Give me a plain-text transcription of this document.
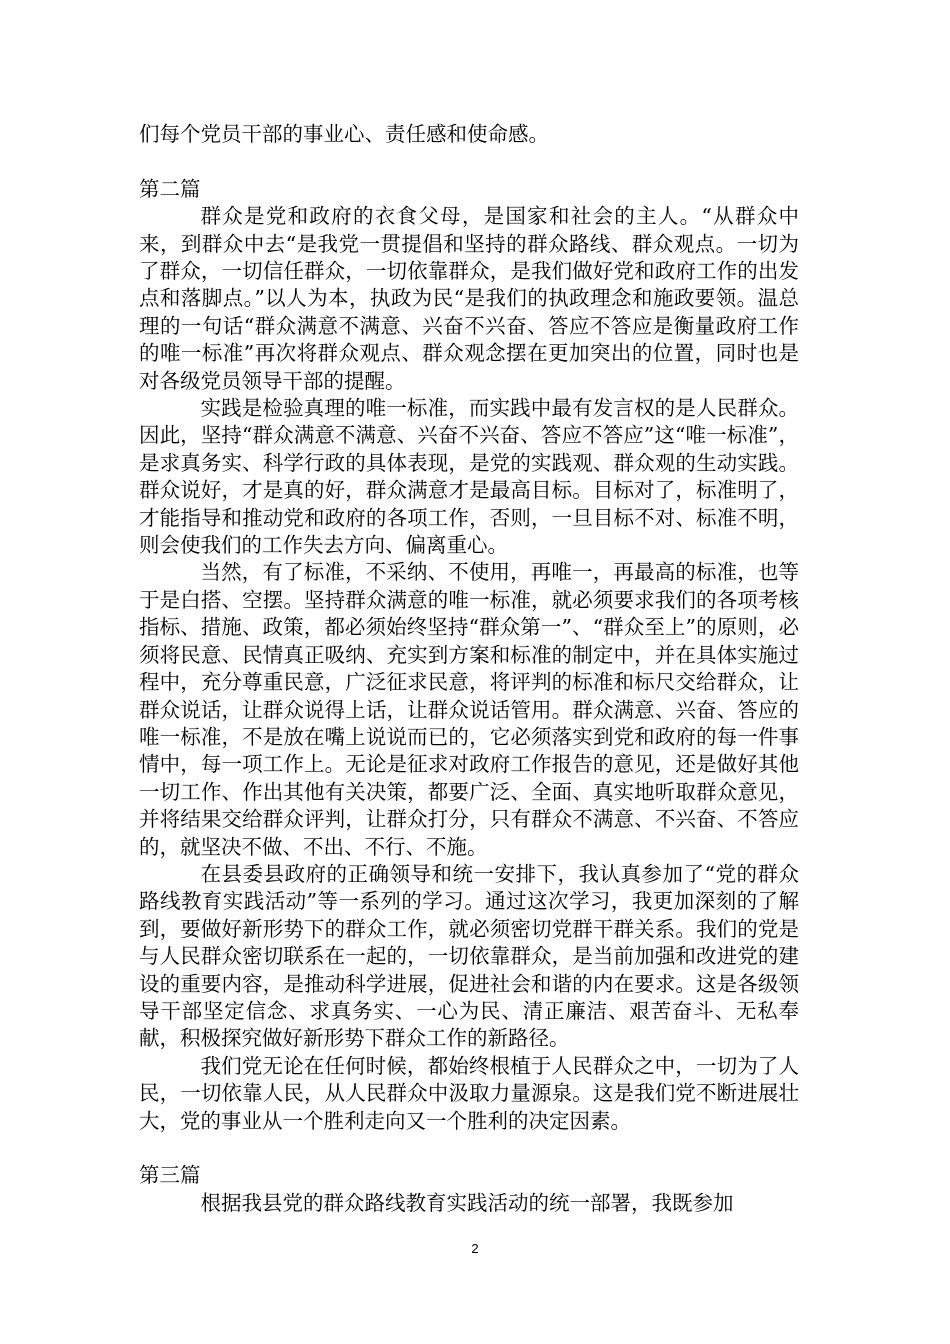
们每个党员干部的事业心、责任感和使命感。

第二篇

群众是党和政府的衣食父母，是国家和社会的主人。“从群众中来，到群众中去“是我党一贯提倡和坚持的群众路线、群众观点。一切为了群众，一切信任群众，一切依靠群众，是我们做好党和政府工作的出发点和落脚点。”以人为本，执政为民“是我们的执政理念和施政要领。温总理的一句话“群众满意不满意、兴奋不兴奋、答应不答应是衡量政府工作的唯一标准”再次将群众观点、群众观念摆在更加突出的位置，同时也是对各级党员领导干部的提醒。

实践是检验真理的唯一标准，而实践中最有发言权的是人民群众。因此，坚持“群众满意不满意、兴奋不兴奋、答应不答应”这“唯一标准”，是求真务实、科学行政的具体表现，是党的实践观、群众观的生动实践。群众说好，才是真的好，群众满意才是最高目标。目标对了，标准明了，才能指导和推动党和政府的各项工作，否则，一旦目标不对、标准不明，则会使我们的工作失去方向、偏离重心。

当然，有了标准，不采纳、不使用，再唯一，再最高的标准，也等于是白搭、空摆。坚持群众满意的唯一标准，就必须要求我们的各项考核指标、措施、政策，都必须始终坚持“群众第一”、“群众至上”的原则，必须将民意、民情真正吸纳、充实到方案和标准的制定中，并在具体实施过程中，充分尊重民意，广泛征求民意，将评判的标准和标尺交给群众，让群众说话，让群众说得上话，让群众说话管用。群众满意、兴奋、答应的唯一标准，不是放在嘴上说说而已的，它必须落实到党和政府的每一件事情中，每一项工作上。无论是征求对政府工作报告的意见，还是做好其他一切工作、作出其他有关决策，都要广泛、全面、真实地听取群众意见，并将结果交给群众评判，让群众打分，只有群众不满意、不兴奋、不答应的，就坚决不做、不出、不行、不施。

在县委县政府的正确领导和统一安排下，我认真参加了“党的群众路线教育实践活动”等一系列的学习。通过这次学习，我更加深刻的了解到，要做好新形势下的群众工作，就必须密切党群干群关系。我们的党是与人民群众密切联系在一起的，一切依靠群众，是当前加强和改进党的建设的重要内容，是推动科学进展，促进社会和谐的内在要求。这是各级领导干部坚定信念、求真务实、一心为民、清正廉洁、艰苦奋斗、无私奉献，积极探究做好新形势下群众工作的新路径。

我们党无论在任何时候，都始终根植于人民群众之中，一切为了人民，一切依靠人民，从人民群众中汲取力量源泉。这是我们党不断进展壮大，党的事业从一个胜利走向又一个胜利的决定因素。

第三篇

根据我县党的群众路线教育实践活动的统一部署，我既参加

2
